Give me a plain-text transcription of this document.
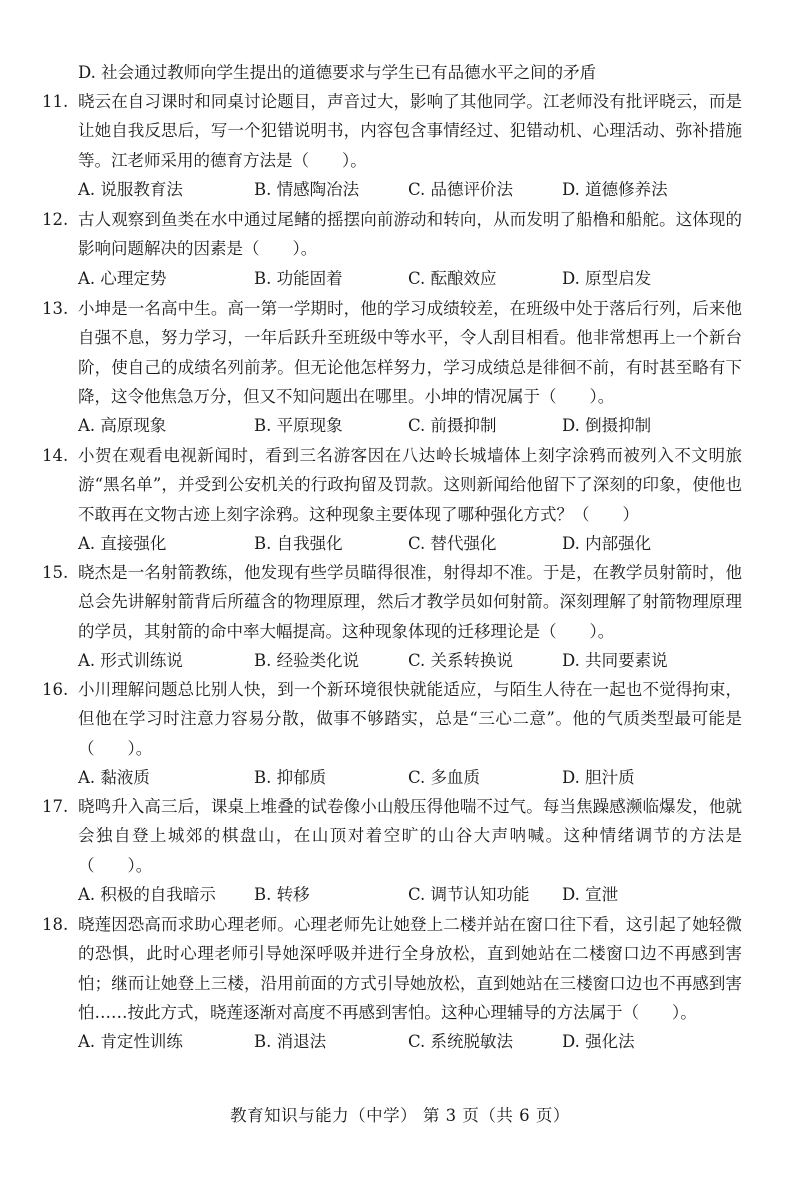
D. 社会通过教师向学生提出的道德要求与学生已有品德水平之间的矛盾
11. 晓云在自习课时和同桌讨论题目，声音过大，影响了其他同学。江老师没有批评晓云，而是让她自我反思后，写一个犯错说明书，内容包含事情经过、犯错动机、心理活动、弥补措施等。江老师采用的德育方法是（　　）。
A. 说服教育法	B. 情感陶冶法	C. 品德评价法	D. 道德修养法
12. 古人观察到鱼类在水中通过尾鳍的摇摆向前游动和转向，从而发明了船橹和船舵。这体现的影响问题解决的因素是（　　）。
A. 心理定势	B. 功能固着	C. 酝酿效应	D. 原型启发
13. 小坤是一名高中生。高一第一学期时，他的学习成绩较差，在班级中处于落后行列，后来他自强不息，努力学习，一年后跃升至班级中等水平，令人刮目相看。他非常想再上一个新台阶，使自己的成绩名列前茅。但无论他怎样努力，学习成绩总是徘徊不前，有时甚至略有下降，这令他焦急万分，但又不知问题出在哪里。小坤的情况属于（　　）。
A. 高原现象	B. 平原现象	C. 前摄抑制	D. 倒摄抑制
14. 小贺在观看电视新闻时，看到三名游客因在八达岭长城墙体上刻字涂鸦而被列入不文明旅游“黑名单”，并受到公安机关的行政拘留及罚款。这则新闻给他留下了深刻的印象，使他也不敢再在文物古迹上刻字涂鸦。这种现象主要体现了哪种强化方式？（　　）
A. 直接强化	B. 自我强化	C. 替代强化	D. 内部强化
15. 晓杰是一名射箭教练，他发现有些学员瞄得很准，射得却不准。于是，在教学员射箭时，他总会先讲解射箭背后所蕴含的物理原理，然后才教学员如何射箭。深刻理解了射箭物理原理的学员，其射箭的命中率大幅提高。这种现象体现的迁移理论是（　　）。
A. 形式训练说	B. 经验类化说	C. 关系转换说	D. 共同要素说
16. 小川理解问题总比别人快，到一个新环境很快就能适应，与陌生人待在一起也不觉得拘束，但他在学习时注意力容易分散，做事不够踏实，总是“三心二意”。他的气质类型最可能是（　　）。
A. 黏液质	B. 抑郁质	C. 多血质	D. 胆汁质
17. 晓鸣升入高三后，课桌上堆叠的试卷像小山般压得他喘不过气。每当焦躁感濒临爆发，他就会独自登上城郊的棋盘山，在山顶对着空旷的山谷大声呐喊。这种情绪调节的方法是（　　）。
A. 积极的自我暗示 B. 转移	C. 调节认知功能 D. 宣泄
18. 晓莲因恐高而求助心理老师。心理老师先让她登上二楼并站在窗口往下看，这引起了她轻微的恐惧，此时心理老师引导她深呼吸并进行全身放松，直到她站在二楼窗口边不再感到害怕；继而让她登上三楼，沿用前面的方式引导她放松，直到她站在三楼窗口边也不再感到害怕……按此方式，晓莲逐渐对高度不再感到害怕。这种心理辅导的方法属于（　　）。
A. 肯定性训练	B. 消退法	C. 系统脱敏法	D. 强化法
教育知识与能力（中学） 第 3 页（共 6 页）
